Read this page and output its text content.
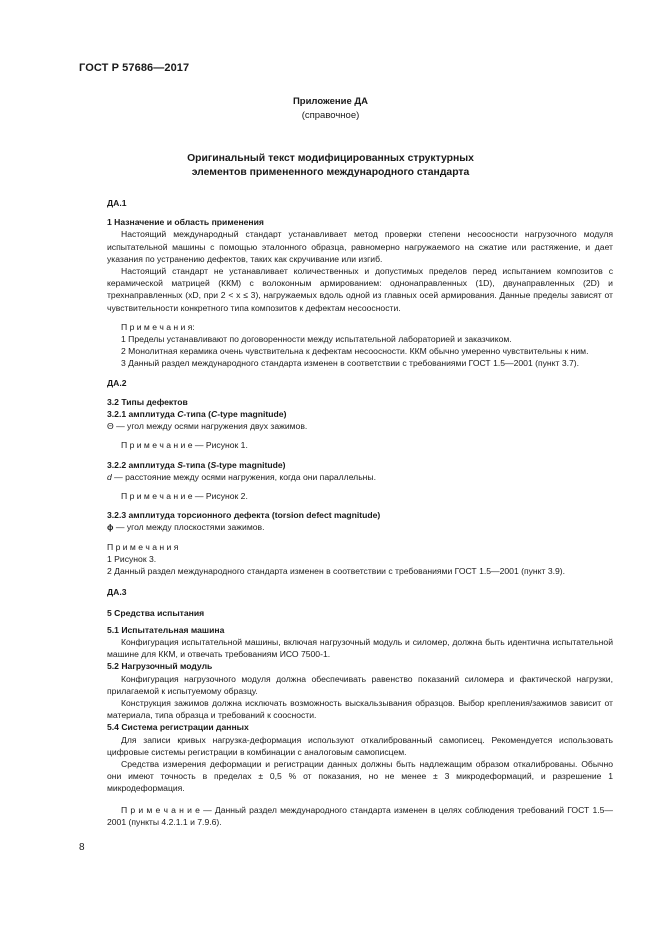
ГОСТ Р 57686—2017
Приложение ДА
(справочное)
Оригинальный текст модифицированных структурных
элементов примененного международного стандарта

ДА.1

1 Назначение и область применения

Настоящий международный стандарт устанавливает метод проверки степени несоосности нагрузочного модуля испытательной машины с помощью эталонного образца, равномерно нагружаемого на сжатие или растяжение, и дает указания по устранению дефектов, таких как скручивание или изгиб.

Настоящий стандарт не устанавливает количественных и допустимых пределов перед испытанием композитов с керамической матрицей (ККМ) с волоконным армированием: однонаправленных (1D), двунаправленных (2D) и трехнаправленных (xD, при 2 < x ≤ 3), нагружаемых вдоль одной из главных осей армирования. Данные пределы зависят от чувствительности конкретного типа композитов к дефектам несоосности.

П р и м е ч а н и я:

1 Пределы устанавливают по договоренности между испытательной лабораторией и заказчиком.

2 Монолитная керамика очень чувствительна к дефектам несоосности. ККМ обычно умеренно чувствительны к ним.

3 Данный раздел международного стандарта изменен в соответствии с требованиями ГОСТ 1.5—2001 (пункт 3.7).

ДА.2

3.2 Типы дефектов

3.2.1 амплитуда С-типа (C-type magnitude)

Θ — угол между осями нагружения двух зажимов.

П р и м е ч а н и е — Рисунок 1.

3.2.2 амплитуда S-типа (S-type magnitude)

d — расстояние между осями нагружения, когда они параллельны.

П р и м е ч а н и е — Рисунок 2.

3.2.3 амплитуда торсионного дефекта (torsion defect magnitude)

ϕ — угол между плоскостями зажимов.

П р и м е ч а н и я

1 Рисунок 3.

2 Данный раздел международного стандарта изменен в соответствии с требованиями ГОСТ 1.5—2001 (пункт 3.9).

ДА.3

5 Средства испытания

5.1 Испытательная машина

Конфигурация испытательной машины, включая нагрузочный модуль и силомер, должна быть идентична испытательной машине для ККМ, и отвечать требованиям ИСО 7500-1.

5.2 Нагрузочный модуль

Конфигурация нагрузочного модуля должна обеспечивать равенство показаний силомера и фактической нагрузки, прилагаемой к испытуемому образцу.

Конструкция зажимов должна исключать возможность выскальзывания образцов. Выбор крепления/зажимов зависит от материала, типа образца и требований к соосности.

5.4 Система регистрации данных

Для записи кривых нагрузка-деформация используют откалиброванный самописец. Рекомендуется использовать цифровые системы регистрации в комбинации с аналоговым самописцем.

Средства измерения деформации и регистрации данных должны быть надлежащим образом откалиброваны. Обычно они имеют точность в пределах ± 0,5 % от показания, но не менее ± 3 микродеформаций, и разрешение 1 микродеформация.

П р и м е ч а н и е — Данный раздел международного стандарта изменен в целях соблюдения требований ГОСТ 1.5—2001 (пункты 4.2.1.1 и 7.9.6).

8
